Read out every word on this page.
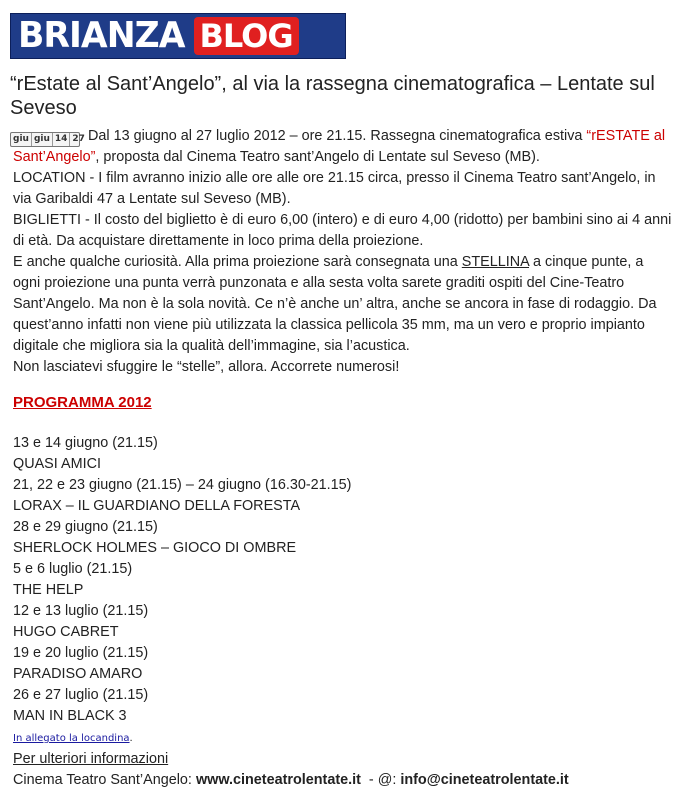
BRIANZA BLOG
“rEstate al Sant’Angelo”, al via la rassegna cinematografica – Lentate sul Seveso
giu giu 14 27 Dal 13 giugno al 27 luglio 2012 – ore 21.15. Rassegna cinematografica estiva “rESTATE al Sant’Angelo”, proposta dal Cinema Teatro sant’Angelo di Lentate sul Seveso (MB).

LOCATION - I film avranno inizio alle ore alle ore 21.15 circa, presso il Cinema Teatro sant’Angelo, in via Garibaldi 47 a Lentate sul Seveso (MB).

BIGLIETTI - Il costo del biglietto è di euro 6,00 (intero) e di euro 4,00 (ridotto) per bambini sino ai 4 anni di età. Da acquistare direttamente in loco prima della proiezione.

E anche qualche curiosità. Alla prima proiezione sarà consegnata una STELLINA a cinque punte, a ogni proiezione una punta verrà punzonata e alla sesta volta sarete graditi ospiti del Cine-Teatro Sant’Angelo. Ma non è la sola novità. Ce n’è anche un’ altra, anche se ancora in fase di rodaggio. Da quest’anno infatti non viene più utilizzata la classica pellicola 35 mm, ma un vero e proprio impianto digitale che migliora sia la qualità dell’immagine, sia l’acustica.

Non lasciatevi sfuggire le “stelle”, allora. Accorrete numerosi!

PROGRAMMA 2012

13 e 14 giugno (21.15)
QUASI AMICI
21, 22 e 23 giugno (21.15) – 24 giugno (16.30-21.15)
LORAX – IL GUARDIANO DELLA FORESTA
28 e 29 giugno (21.15)
SHERLOCK HOLMES – GIOCO DI OMBRE
5 e 6 luglio (21.15)
THE HELP
12 e 13 luglio (21.15)
HUGO CABRET
19 e 20 luglio (21.15)
PARADISO AMARO
26 e 27 luglio (21.15)
MAN IN BLACK 3
In allegato la locandina.
Per ulteriori informazioni
Cinema Teatro Sant’Angelo: www.cineteatrolentate.it  - @: info@cineteatrolentate.it
